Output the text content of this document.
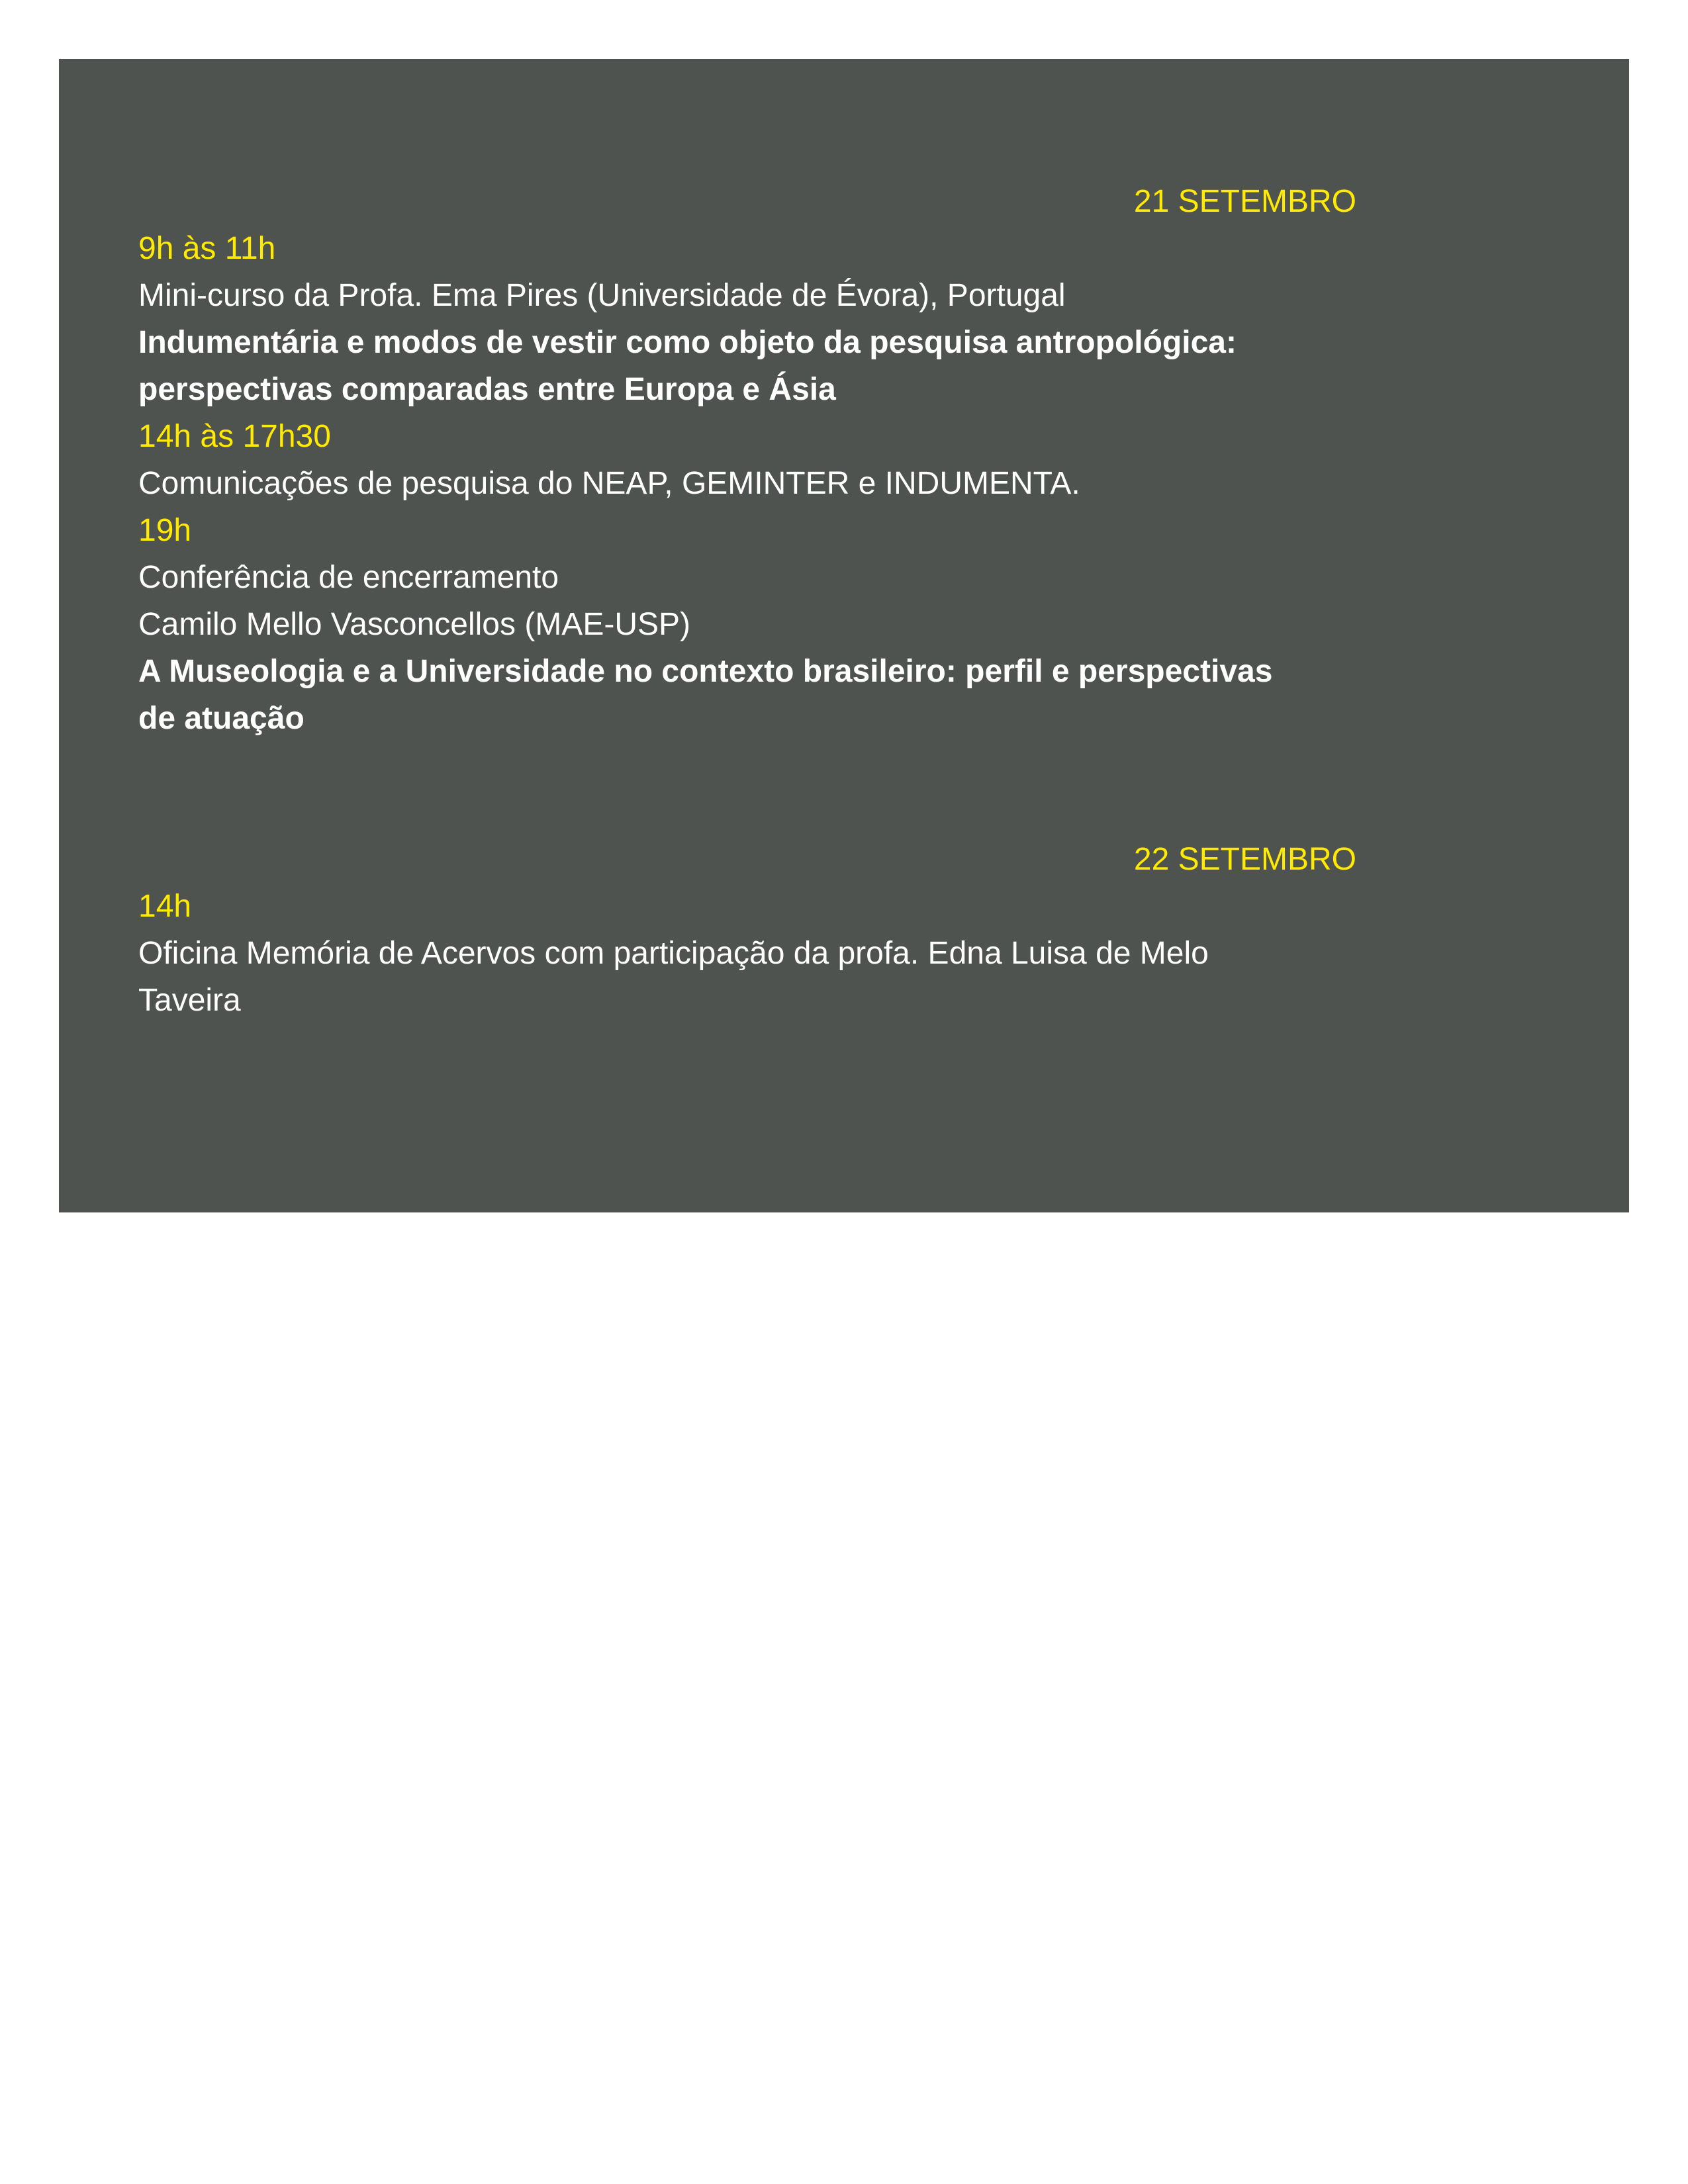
21 SETEMBRO
9h às 11h
Mini-curso da Profa. Ema Pires (Universidade de Évora), Portugal
Indumentária e modos de vestir como objeto da pesquisa antropológica:
perspectivas comparadas entre Europa e Ásia
14h às 17h30
Comunicações de pesquisa do NEAP, GEMINTER e INDUMENTA.
19h
Conferência de encerramento
Camilo Mello Vasconcellos (MAE-USP)
A Museologia e a Universidade no contexto brasileiro: perfil e perspectivas
de atuação
22 SETEMBRO
14h
Oficina Memória de Acervos com participação da profa. Edna Luisa de Melo
Taveira
